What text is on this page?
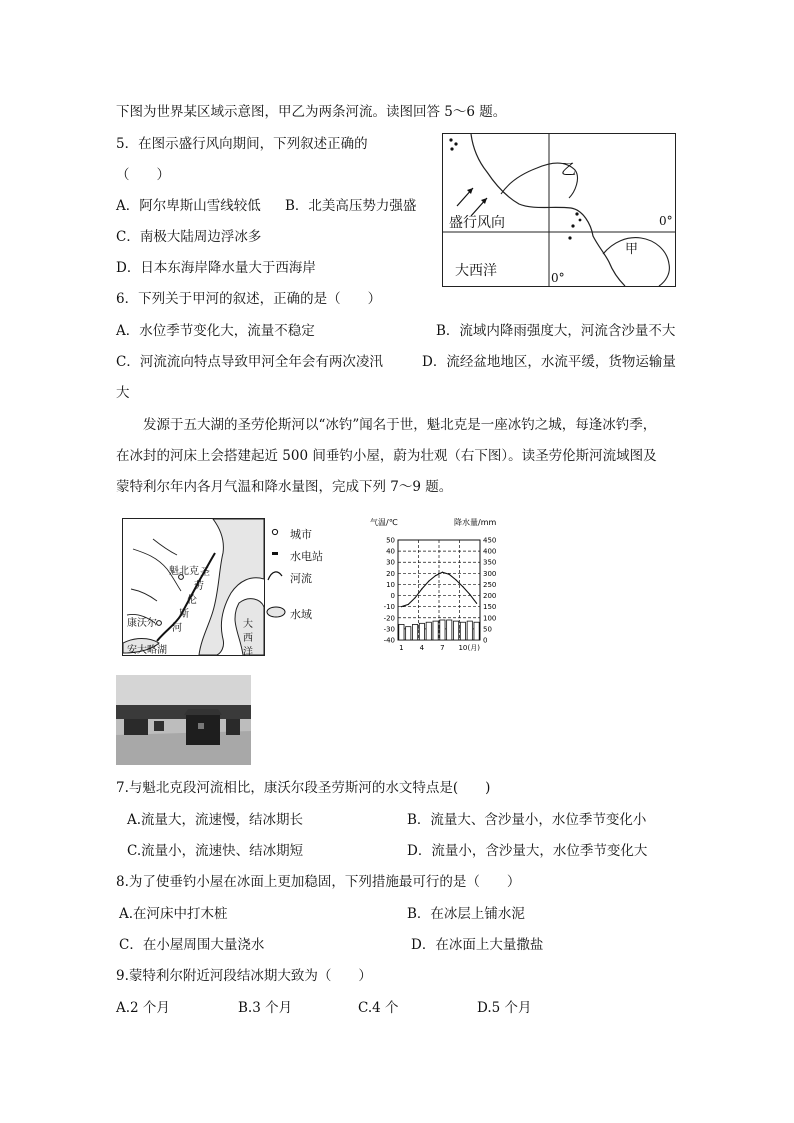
下图为世界某区域示意图，甲乙为两条河流。读图回答 5～6 题。
5．在图示盛行风向期间，下列叙述正确的
（　　）
A．阿尔卑斯山雪线较低 B．北美高压势力强盛
C．南极大陆周边浮冰多
D．日本东海岸降水量大于西海岸
乙
甲
盛行风向
大西洋
0°
0°
6．下列关于甲河的叙述，正确的是（　　）
A．水位季节变化大，流量不稳定	B．流域内降雨强度大，河流含沙量不大
C．河流流向特点导致甲河全年会有两次凌汛	D．流经盆地地区，水流平缓，货物运输量
大
发源于五大湖的圣劳伦斯河以“冰钓”闻名于世，魁北克是一座冰钓之城，每逢冰钓季，
在冰封的河床上会搭建起近 500 间垂钓小屋，蔚为壮观（右下图）。读圣劳伦斯河流域图及
蒙特利尔年内各月气温和降水量图，完成下列 7～9 题。
魁北克
康沃尔
安大略湖
圣
劳
伦
斯
河	大
西
洋
城市
水电站
河流
水域
气温/℃	降水量/mm
50
40
30
20
10
0
-10
-20
-30
-40
450
400
350
300
250
200
150
100
50
0
1 4 7 10 (月)
7.与魁北克段河流相比，康沃尔段圣劳斯河的水文特点是(　　)
A.流量大，流速慢，结冰期长	B．流量大、含沙量小，水位季节变化小
C.流量小，流速快、结冰期短	D．流量小，含沙量大，水位季节变化大
8.为了使垂钓小屋在冰面上更加稳固，下列措施最可行的是（　　）
A.在河床中打木桩	B．在冰层上铺水泥
C．在小屋周围大量浇水	D．在冰面上大量撒盐
9.蒙特利尔附近河段结冰期大致为（　　）
A.2 个月	B.3 个月	C.4 个	D.5 个月
